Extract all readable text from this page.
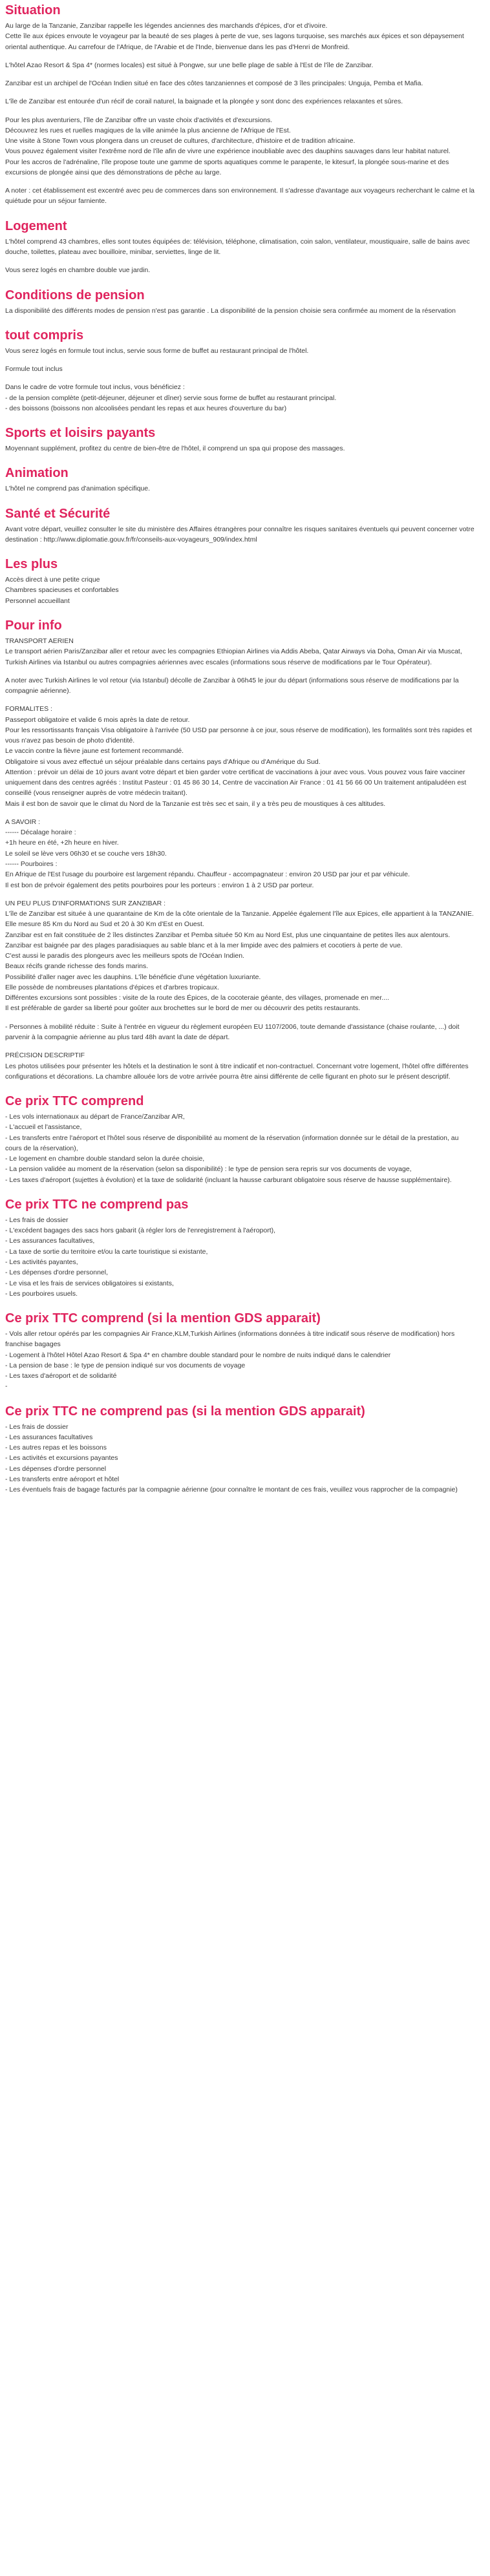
Situation

Au large de la Tanzanie, Zanzibar rappelle les légendes anciennes des marchands d'épices, d'or et d'ivoire.

Cette île aux épices envoute le voyageur par la beauté de ses plages à perte de vue, ses lagons turquoise, ses marchés aux épices et son dépaysement oriental authentique. Au carrefour de l'Afrique, de l'Arabie et de l'Inde, bienvenue dans les pas d'Henri de Monfreid.

L'hôtel Azao Resort & Spa 4* (normes locales) est situé à Pongwe, sur une belle plage de sable à l'Est de l'île de Zanzibar.

Zanzibar est un archipel de l'Océan Indien situé en face des côtes tanzaniennes et composé de 3 îles principales: Unguja, Pemba et Mafia.

L'île de Zanzibar est entourée d'un récif de corail naturel, la baignade et la plongée y sont donc des expériences relaxantes et sûres.

Pour les plus aventuriers, l'île de Zanzibar offre un vaste choix d'activités et d'excursions.

Découvrez les rues et ruelles magiques de la ville animée la plus ancienne de l'Afrique de l'Est.

Une visite à Stone Town vous plongera dans un creuset de cultures, d'architecture, d'histoire et de tradition africaine.

Vous pouvez également visiter l'extrême nord de l'île afin de vivre une expérience inoubliable avec des dauphins sauvages dans leur habitat naturel.

Pour les accros de l'adrénaline, l'île propose toute une gamme de sports aquatiques comme le parapente, le kitesurf, la plongée sous-marine et des excursions de plongée ainsi que des démonstrations de pêche au large.

A noter : cet établissement est excentré avec peu de commerces dans son environnement. Il s'adresse d'avantage aux voyageurs recherchant le calme et la quiétude pour un séjour farniente.

Logement

L'hôtel comprend 43 chambres, elles sont toutes équipées de: télévision, téléphone, climatisation, coin salon, ventilateur, moustiquaire, salle de bains avec douche, toilettes, plateau avec bouilloire, minibar, serviettes, linge de lit.

Vous serez logés en chambre double vue jardin.

Conditions de pension

La disponibilité des différents modes de pension n'est pas garantie . La disponibilité de la pension choisie sera confirmée au moment de la réservation

tout compris

Vous serez logés en formule tout inclus, servie sous forme de buffet au restaurant principal de l'hôtel.

Formule tout inclus

Dans le cadre de votre formule tout inclus, vous bénéficiez :

- de la pension complète (petit-déjeuner, déjeuner et dîner) servie sous forme de buffet au restaurant principal.

- des boissons (boissons non alcoolisées pendant les repas et aux heures d'ouverture du bar)

Sports et loisirs payants

Moyennant supplément, profitez du centre de bien-être de l'hôtel, il comprend un spa qui propose des massages.

Animation

L'hôtel ne comprend pas d'animation spécifique.

Santé et Sécurité

Avant votre départ, veuillez consulter le site du ministère des Affaires étrangères pour connaître les risques sanitaires éventuels qui peuvent concerner votre destination : http://www.diplomatie.gouv.fr/fr/conseils-aux-voyageurs_909/index.html

Les plus

Accès direct à une petite crique

Chambres spacieuses et confortables

Personnel accueillant

Pour info

TRANSPORT AERIEN

Le transport aérien Paris/Zanzibar aller et retour avec les compagnies Ethiopian Airlines via Addis Abeba, Qatar Airways via Doha, Oman Air via Muscat, Turkish Airlines via Istanbul ou autres compagnies aériennes avec escales (informations sous réserve de modifications par le Tour Opérateur).

A noter avec Turkish Airlines le vol retour (via Istanbul) décolle de Zanzibar à 06h45 le jour du départ (informations sous réserve de modifications par la compagnie aérienne).

FORMALITES :

Passeport obligatoire et valide 6 mois après la date de retour.

Pour les ressortissants français Visa obligatoire à l'arrivée (50 USD par personne à ce jour, sous réserve de modification), les formalités sont très rapides et vous n'avez pas besoin de photo d'identité.

Le vaccin contre la fièvre jaune est fortement recommandé.

Obligatoire si vous avez effectué un séjour préalable dans certains pays d'Afrique ou d'Amérique du Sud.

Attention : prévoir un délai de 10 jours avant votre départ et bien garder votre certificat de vaccinations à jour avec vous. Vous pouvez vous faire vacciner uniquement dans des centres agréés : Institut Pasteur : 01 45 86 30 14, Centre de vaccination Air France : 01 41 56 66 00 Un traitement antipaludéen est conseillé (vous renseigner auprès de votre médecin traitant).

Mais il est bon de savoir que le climat du Nord de la Tanzanie est très sec et sain, il y a très peu de moustiques à ces altitudes.

A SAVOIR :

------ Décalage horaire :

+1h heure en été, +2h heure en hiver.

Le soleil se lève vers 06h30 et se couche vers 18h30.

------ Pourboires :

En Afrique de l'Est l'usage du pourboire est largement répandu. Chauffeur - accompagnateur : environ 20 USD par jour et par véhicule.

Il est bon de prévoir également des petits pourboires pour les porteurs : environ 1 à 2 USD par porteur.

UN PEU PLUS D'INFORMATIONS SUR ZANZIBAR :

L'île de Zanzibar est située à une quarantaine de Km de la côte orientale de la Tanzanie. Appelée également l'île aux Epices, elle appartient à la TANZANIE.

Elle mesure 85 Km du Nord au Sud et 20 à 30 Km d'Est en Ouest.

Zanzibar est en fait constituée de 2 îles distinctes Zanzibar et Pemba située 50 Km au Nord Est, plus une cinquantaine de petites îles aux alentours.

Zanzibar est baignée par des plages paradisiaques au sable blanc et à la mer limpide avec des palmiers et cocotiers à perte de vue.

C'est aussi le paradis des plongeurs avec les meilleurs spots de l'Océan Indien.

Beaux récifs grande richesse des fonds marins.

Possibilité d'aller nager avec les dauphins. L'île bénéficie d'une végétation luxuriante.

Elle possède de nombreuses plantations d'épices et d'arbres tropicaux.

Différentes excursions sont possibles : visite de la route des Épices, de la cocoteraie géante, des villages, promenade en mer....

Il est préférable de garder sa liberté pour goûter aux brochettes sur le bord de mer ou découvrir des petits restaurants.

- Personnes à mobilité réduite : Suite à l'entrée en vigueur du règlement européen EU 1107/2006, toute demande d'assistance (chaise roulante, ...) doit parvenir à la compagnie aérienne au plus tard 48h avant la date de départ.

PRÉCISION DESCRIPTIF

Les photos utilisées pour présenter les hôtels et la destination le sont à titre indicatif et non-contractuel. Concernant votre logement, l'hôtel offre différentes configurations et décorations. La chambre allouée lors de votre arrivée pourra être ainsi différente de celle figurant en photo sur le présent descriptif.

Ce prix TTC comprend

- Les vols internationaux au départ de France/Zanzibar A/R,

- L'accueil et l'assistance,

- Les transferts entre l'aéroport et l'hôtel sous réserve de disponibilité au moment de la réservation (information donnée sur le détail de la prestation, au cours de la réservation),

- Le logement en chambre double standard selon la durée choisie,

- La pension validée au moment de la réservation (selon sa disponibilité) : le type de pension sera repris sur vos documents de voyage,

- Les taxes d'aéroport (sujettes à évolution) et la taxe de solidarité (incluant la hausse carburant obligatoire sous réserve de hausse supplémentaire).

Ce prix TTC ne comprend pas

- Les frais de dossier

- L'excédent bagages des sacs hors gabarit (à régler lors de l'enregistrement à l'aéroport),

- Les assurances facultatives,

- La taxe de sortie du territoire et/ou la carte touristique si existante,

- Les activités payantes,

- Les dépenses d'ordre personnel,

- Le visa et les frais de services obligatoires si existants,

- Les pourboires usuels.

Ce prix TTC comprend (si la mention GDS apparait)

- Vols aller retour opérés par les compagnies Air France,KLM,Turkish Airlines (informations données à titre indicatif sous réserve de modification) hors franchise bagages

- Logement à l'hôtel Hôtel Azao Resort & Spa 4* en chambre double standard pour le nombre de nuits indiqué dans le calendrier

- La pension de base : le type de pension indiqué sur vos documents de voyage

- Les taxes d'aéroport et de solidarité

-

Ce prix TTC ne comprend pas (si la mention GDS apparait)

- Les frais de dossier

- Les assurances facultatives

- Les autres repas et les boissons

- Les activités et excursions payantes

- Les dépenses d'ordre personnel

- Les transferts entre aéroport et hôtel

- Les éventuels frais de bagage facturés par la compagnie aérienne (pour connaître le montant de ces frais, veuillez vous rapprocher de la compagnie)
